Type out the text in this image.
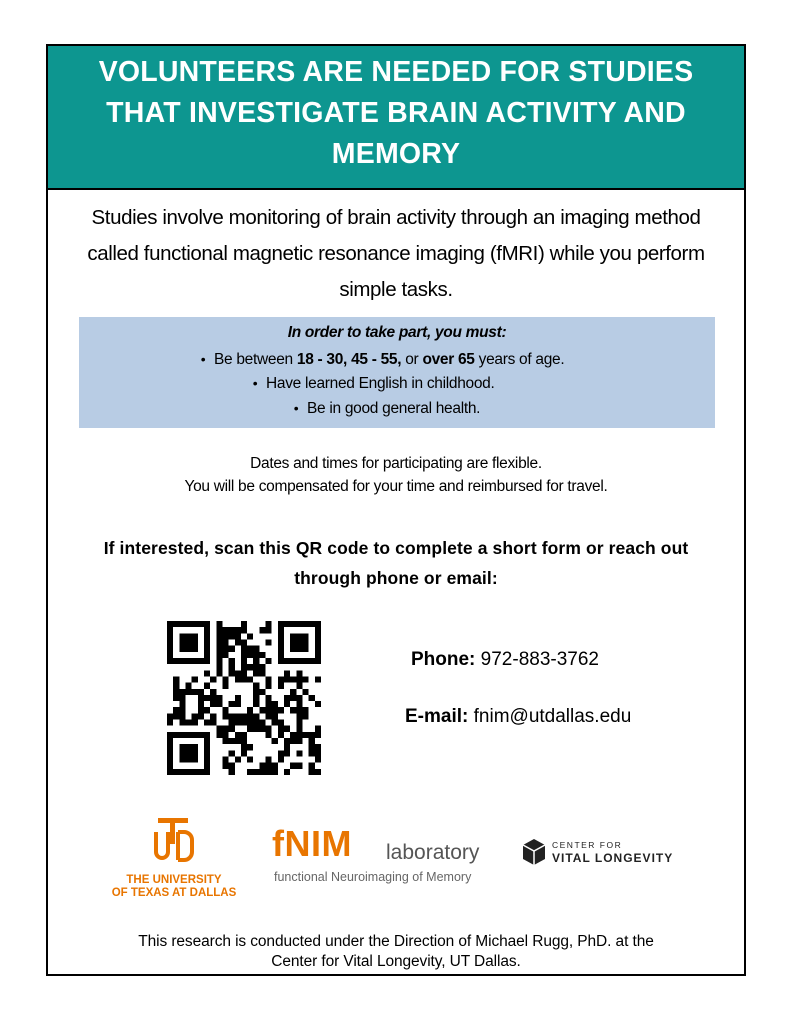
VOLUNTEERS ARE NEEDED FOR STUDIES
THAT INVESTIGATE BRAIN ACTIVITY AND
MEMORY
Studies involve monitoring of brain activity through an imaging method
called functional magnetic resonance imaging (fMRI) while you perform
simple tasks.
In order to take part, you must:
• Be between 18 - 30, 45 - 55, or over 65 years of age.
• Have learned English in childhood.
• Be in good general health.
Dates and times for participating are flexible.
You will be compensated for your time and reimbursed for travel.
If interested, scan this QR code to complete a short form or reach out
through phone or email:
Phone: 972-883-3762
E-mail: fnim@utdallas.edu
THE UNIVERSITY
OF TEXAS AT DALLAS
fNIM laboratory
functional Neuroimaging of Memory
CENTER FOR
VITAL LONGEVITY
This research is conducted under the Direction of Michael Rugg, PhD. at the
Center for Vital Longevity, UT Dallas.
